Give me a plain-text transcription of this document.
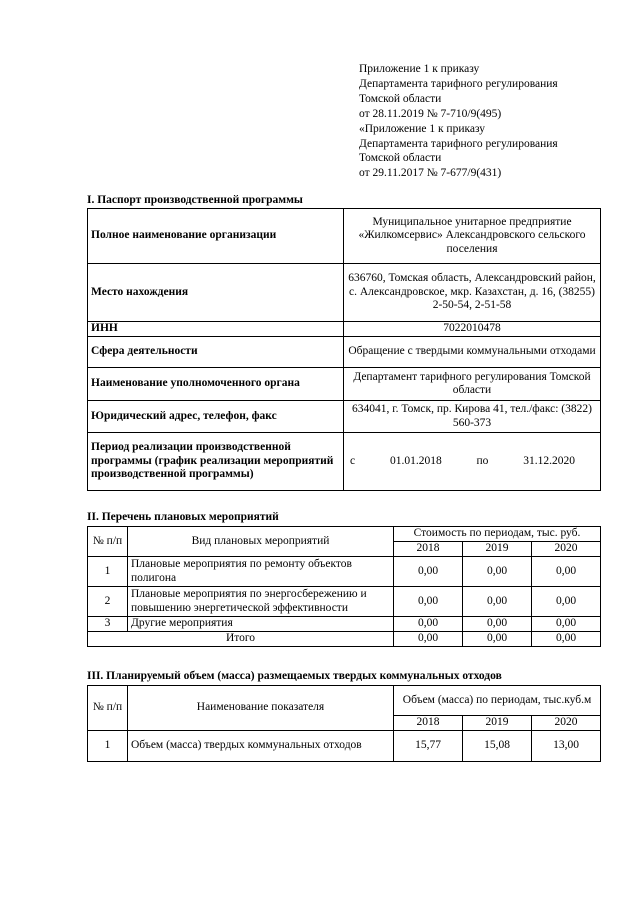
Приложение 1 к приказу
Департамента тарифного регулирования
Томской области
от 28.11.2019 № 7-710/9(495)
«Приложение 1 к приказу
Департамента тарифного регулирования
Томской области
от 29.11.2017 № 7-677/9(431)
I. Паспорт производственной программы
Полное наименование организации	Муниципальное унитарное предприятие «Жилкомсервис» Александровского сельского поселения
Место нахождения	636760, Томская область, Александровский район, с. Александровское, мкр. Казахстан, д. 16, (38255) 2-50-54, 2-51-58
ИНН	7022010478
Сфера деятельности	Обращение с твердыми коммунальными отходами
Наименование уполномоченного органа	Департамент тарифного регулирования Томской области
Юридический адрес, телефон, факс	634041, г. Томск, пр. Кирова 41, тел./факс: (3822) 560-373
Период реализации производственной программы (график реализации мероприятий производственной программы)	с 01.01.2018 по 31.12.2020
II. Перечень плановых мероприятий
№ п/п	Вид плановых мероприятий	Стоимость по периодам, тыс. руб.		
		2018	2019	2020
1	Плановые мероприятия по ремонту объектов полигона	0,00	0,00	0,00
2	Плановые мероприятия по энергосбережению и повышению энергетической эффективности	0,00	0,00	0,00
3	Другие мероприятия	0,00	0,00	0,00
Итого		0,00	0,00	0,00
III. Планируемый объем (масса) размещаемых твердых коммунальных отходов
№ п/п	Наименование показателя	Объем (масса) по периодам, тыс.куб.м		
		2018	2019	2020
1	Объем (масса) твердых коммунальных отходов	15,77	15,08	13,00
